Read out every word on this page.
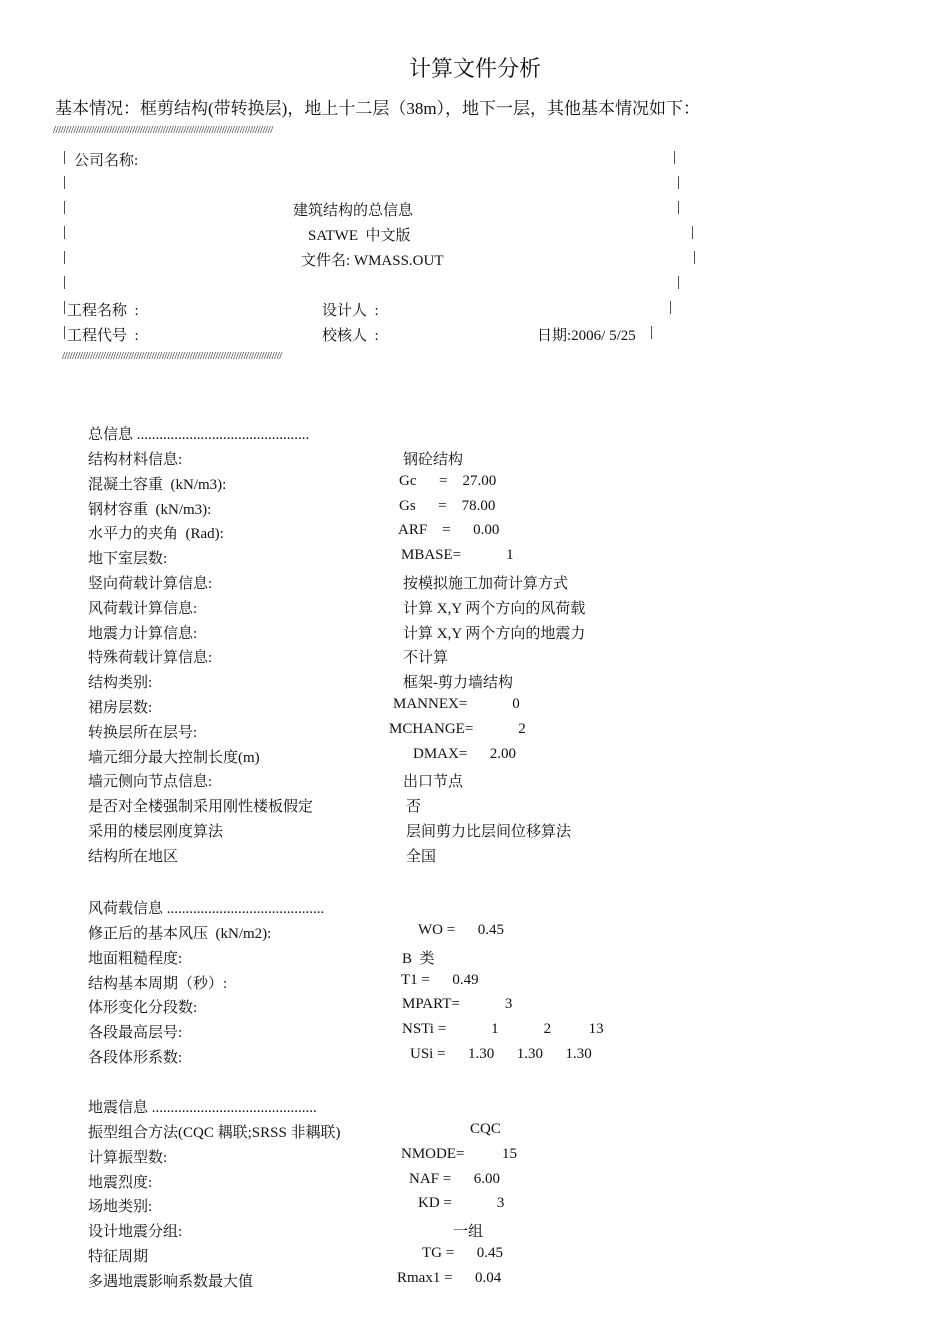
计算文件分析
基本情况：框剪结构(带转换层)，地上十二层（38m），地下一层，其他基本情况如下：
//////////////////////////////////////////////////////////////////////////////////////
| 公司名称:	|
|	|
|	建筑结构的总信息	|
|	SATWE  中文版	|
|	文件名: WMASS.OUT	|
|	|
| 工程名称  :	设计人  :	|
| 工程代号  :	校核人  :	日期:2006/ 5/25 |
//////////////////////////////////////////////////////////////////////////////////////
总信息 ..............................................
结构材料信息:	钢砼结构
混凝土容重  (kN/m3):	Gc      =    27.00
钢材容重  (kN/m3):	Gs      =    78.00
水平力的夹角  (Rad):	ARF    =      0.00
地下室层数:	MBASE=            1
竖向荷载计算信息:	按模拟施工加荷计算方式
风荷载计算信息:	计算 X,Y 两个方向的风荷载
地震力计算信息:	计算 X,Y 两个方向的地震力
特殊荷载计算信息:	不计算
结构类别:	框架-剪力墙结构
裙房层数:	MANNEX=            0
转换层所在层号:	MCHANGE=            2
墙元细分最大控制长度(m)	DMAX=      2.00
墙元侧向节点信息:	出口节点
是否对全楼强制采用刚性楼板假定	否
采用的楼层刚度算法	层间剪力比层间位移算法
结构所在地区	全国
风荷载信息 ..........................................
修正后的基本风压  (kN/m2):	WO =      0.45
地面粗糙程度:	B  类
结构基本周期（秒）:	T1 =      0.49
体形变化分段数:	MPART=            3
各段最高层号:	NSTi =            1            2          13
各段体形系数:	USi =      1.30      1.30      1.30
地震信息 ............................................
振型组合方法(CQC 耦联;SRSS 非耦联)	CQC
计算振型数:	NMODE=          15
地震烈度:	NAF =      6.00
场地类别:	KD =            3
设计地震分组:	一组
特征周期	TG =      0.45
多遇地震影响系数最大值	Rmax1 =      0.04
